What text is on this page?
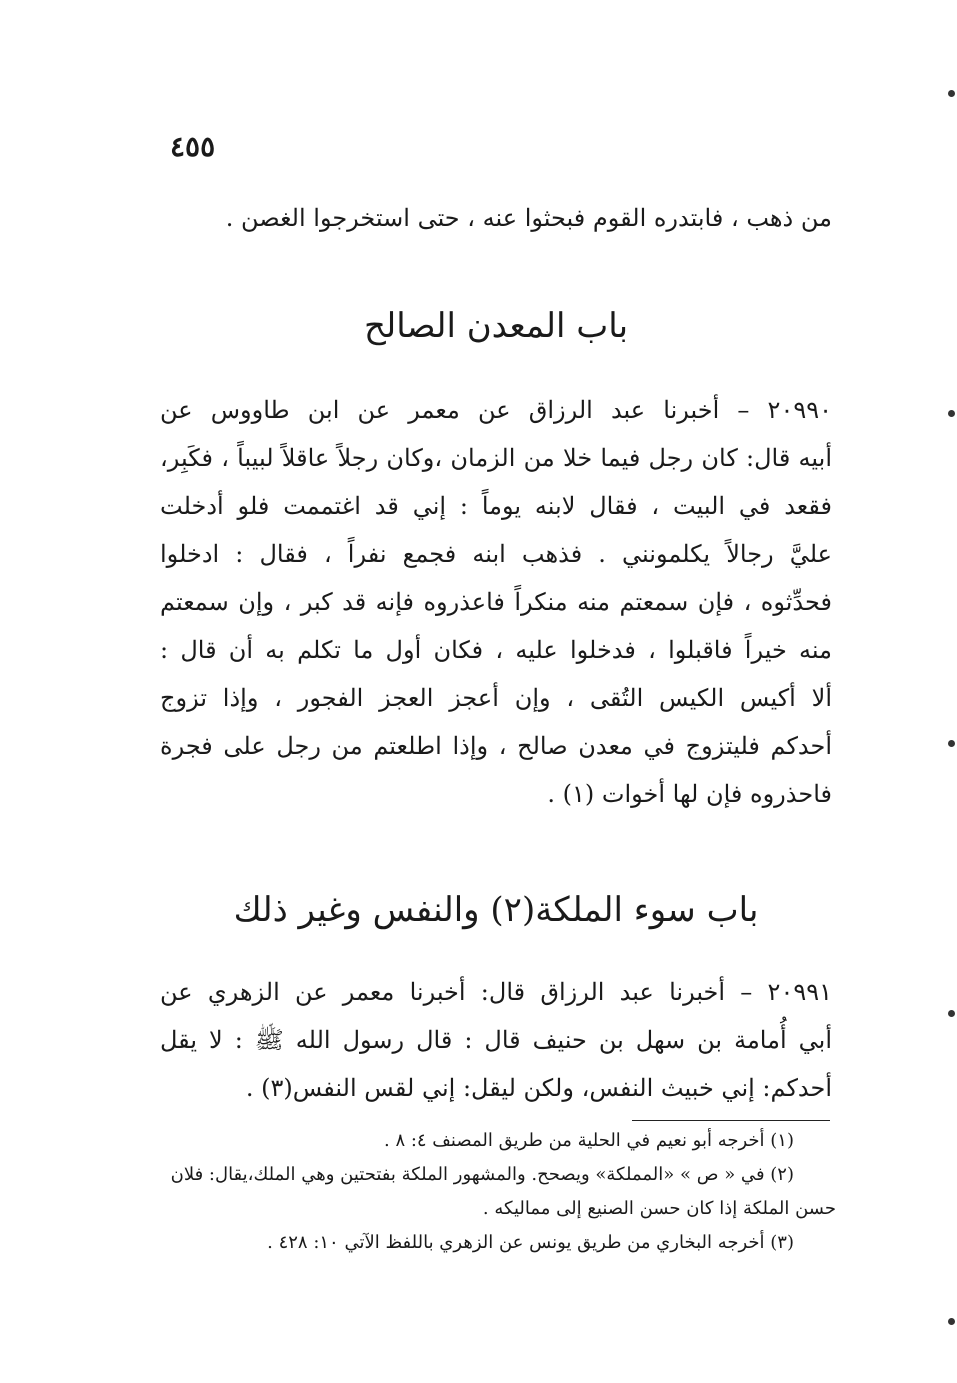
٤٥٥
من ذهب ، فابتدره القوم فبحثوا عنه ، حتى استخرجوا الغصن .
باب المعدن الصالح
٢٠٩٩٠ – أخبرنا عبد الرزاق عن معمر عن ابن طاووس عن
أبيه قال: كان رجل فيما خلا من الزمان ،وكان رجلاً عاقلاً لبيباً ، فكَبِر،
فقعد في البيت ، فقال لابنه يوماً : إني قد اغتممت فلو أدخلت
عليَّ رجالاً يكلمونني . فذهب ابنه فجمع نفراً ، فقال : ادخلوا
فحدِّثوه ، فإن سمعتم منه منكراً فاعذروه فإنه قد كبر ، وإن سمعتم
منه خيراً فاقبلوا ، فدخلوا عليه ، فكان أول ما تكلم به أن قال :
ألا أكيس الكيس التُقى ، وإن أعجز العجز الفجور ، وإذا تزوج
أحدكم فليتزوج في معدن صالح ، وإذا اطلعتم من رجل على فجرة
فاحذروه فإن لها أخوات (١) .
باب سوء الملكة(٢) والنفس وغير ذلك
٢٠٩٩١ – أخبرنا عبد الرزاق قال: أخبرنا معمر عن الزهري عن
أبي أُمامة بن سهل بن حنيف قال : قال رسول الله ﷺ : لا يقل
أحدكم: إني خبيث النفس، ولكن ليقل: إني لقس النفس(٣) .
(١) أخرجه أبو نعيم في الحلية من طريق المصنف ٤: ٨ .
(٢) في « ص » «المملكة» ويصحح. والمشهور الملكة بفتحتين وهي الملك،يقال: فلان
حسن الملكة إذا كان حسن الصنيع إلى مماليكه .
(٣) أخرجه البخاري من طريق يونس عن الزهري باللفظ الآتي ١٠: ٤٢٨ .
